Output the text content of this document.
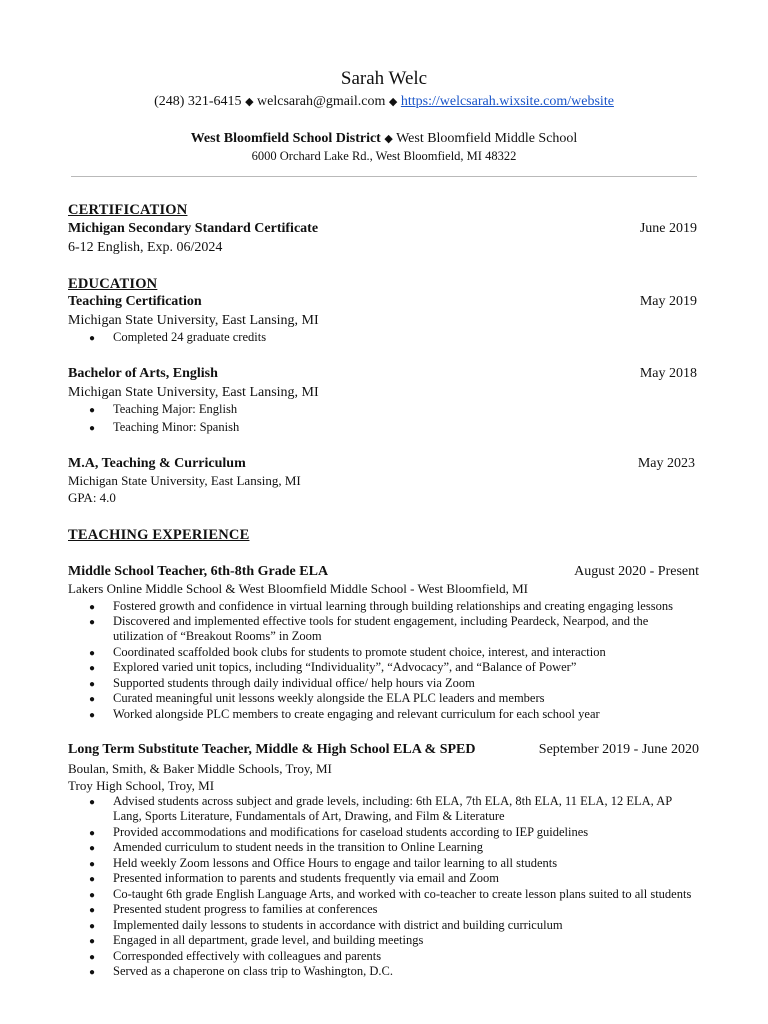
Sarah Welc
(248) 321-6415 ◆ welcsarah@gmail.com ◆ https://welcsarah.wixsite.com/website
West Bloomfield School District ◆ West Bloomfield Middle School
6000 Orchard Lake Rd., West Bloomfield, MI 48322
CERTIFICATION
Michigan Secondary Standard Certificate	June 2019
6-12 English, Exp. 06/2024
EDUCATION
Teaching Certification	May 2019
Michigan State University, East Lansing, MI
● Completed 24 graduate credits
Bachelor of Arts, English	May 2018
Michigan State University, East Lansing, MI
● Teaching Major: English
● Teaching Minor: Spanish
M.A, Teaching & Curriculum	May 2023
Michigan State University, East Lansing, MI
GPA: 4.0
TEACHING EXPERIENCE
Middle School Teacher, 6th-8th Grade ELA	August 2020 - Present
Lakers Online Middle School & West Bloomfield Middle School - West Bloomfield, MI
● Fostered growth and confidence in virtual learning through building relationships and creating engaging lessons
● Discovered and implemented effective tools for student engagement, including Peardeck, Nearpod, and the
utilization of “Breakout Rooms” in Zoom
● Coordinated scaffolded book clubs for students to promote student choice, interest, and interaction
● Explored varied unit topics, including “Individuality”, “Advocacy”, and “Balance of Power”
● Supported students through daily individual office/ help hours via Zoom
● Curated meaningful unit lessons weekly alongside the ELA PLC leaders and members
● Worked alongside PLC members to create engaging and relevant curriculum for each school year
Long Term Substitute Teacher, Middle & High School ELA & SPED	September 2019 - June 2020
Boulan, Smith, & Baker Middle Schools, Troy, MI
Troy High School, Troy, MI
● Advised students across subject and grade levels, including: 6th ELA, 7th ELA, 8th ELA, 11 ELA, 12 ELA, AP
Lang, Sports Literature, Fundamentals of Art, Drawing, and Film & Literature
● Provided accommodations and modifications for caseload students according to IEP guidelines
● Amended curriculum to student needs in the transition to Online Learning
● Held weekly Zoom lessons and Office Hours to engage and tailor learning to all students
● Presented information to parents and students frequently via email and Zoom
● Co-taught 6th grade English Language Arts, and worked with co-teacher to create lesson plans suited to all students
● Presented student progress to families at conferences
● Implemented daily lessons to students in accordance with district and building curriculum
● Engaged in all department, grade level, and building meetings
● Corresponded effectively with colleagues and parents
● Served as a chaperone on class trip to Washington, D.C.
